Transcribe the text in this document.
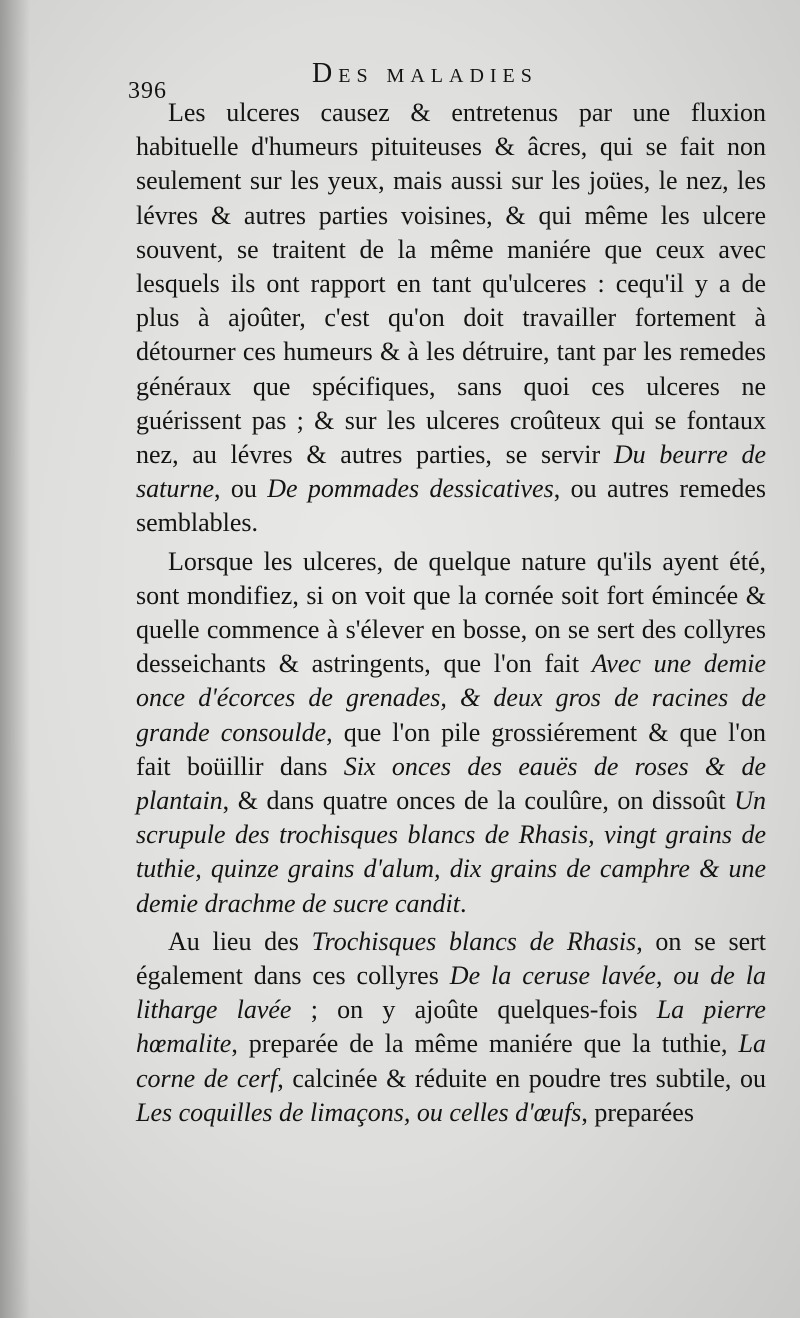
396
Des maladies

Les ulceres causez & entretenus par une fluxion habituelle d'humeurs pituiteuses & âcres, qui se fait non seulement sur les yeux, mais aussi sur les joües, le nez, les lévres & autres parties voisines, & qui même les ulcere souvent, se traitent de la même maniére que ceux avec lesquels ils ont rapport en tant qu'ulceres : cequ'il y a de plus à ajoûter, c'est qu'on doit travailler fortement à détourner ces humeurs & à les détruire, tant par les remedes généraux que spécifiques, sans quoi ces ulceres ne guérissent pas ; & sur les ulceres croûteux qui se fontaux nez, au lévres & autres parties, se servir Du beurre de saturne, ou De pommades dessicatives, ou autres remedes semblables.

Lorsque les ulceres, de quelque nature qu'ils ayent été, sont mondifiez, si on voit que la cornée soit fort émincée & quelle commence à s'élever en bosse, on se sert des collyres desseichants & astringents, que l'on fait Avec une demie once d'écorces de grenades, & deux gros de racines de grande consoulde, que l'on pile grossiérement & que l'on fait boüillir dans Six onces des eauës de roses & de plantain, & dans quatre onces de la coulûre, on dissoût Un scrupule des trochisques blancs de Rhasis, vingt grains de tuthie, quinze grains d'alum, dix grains de camphre & une demie drachme de sucre candit.

Au lieu des Trochisques blancs de Rhasis, on se sert également dans ces collyres De la ceruse lavée, ou de la litharge lavée ; on y ajoûte quelques-fois La pierre hœmalite, preparée de la même maniére que la tuthie, La corne de cerf, calcinée & réduite en poudre tres subtile, ou Les coquilles de limaçons, ou celles d'œufs, preparées
